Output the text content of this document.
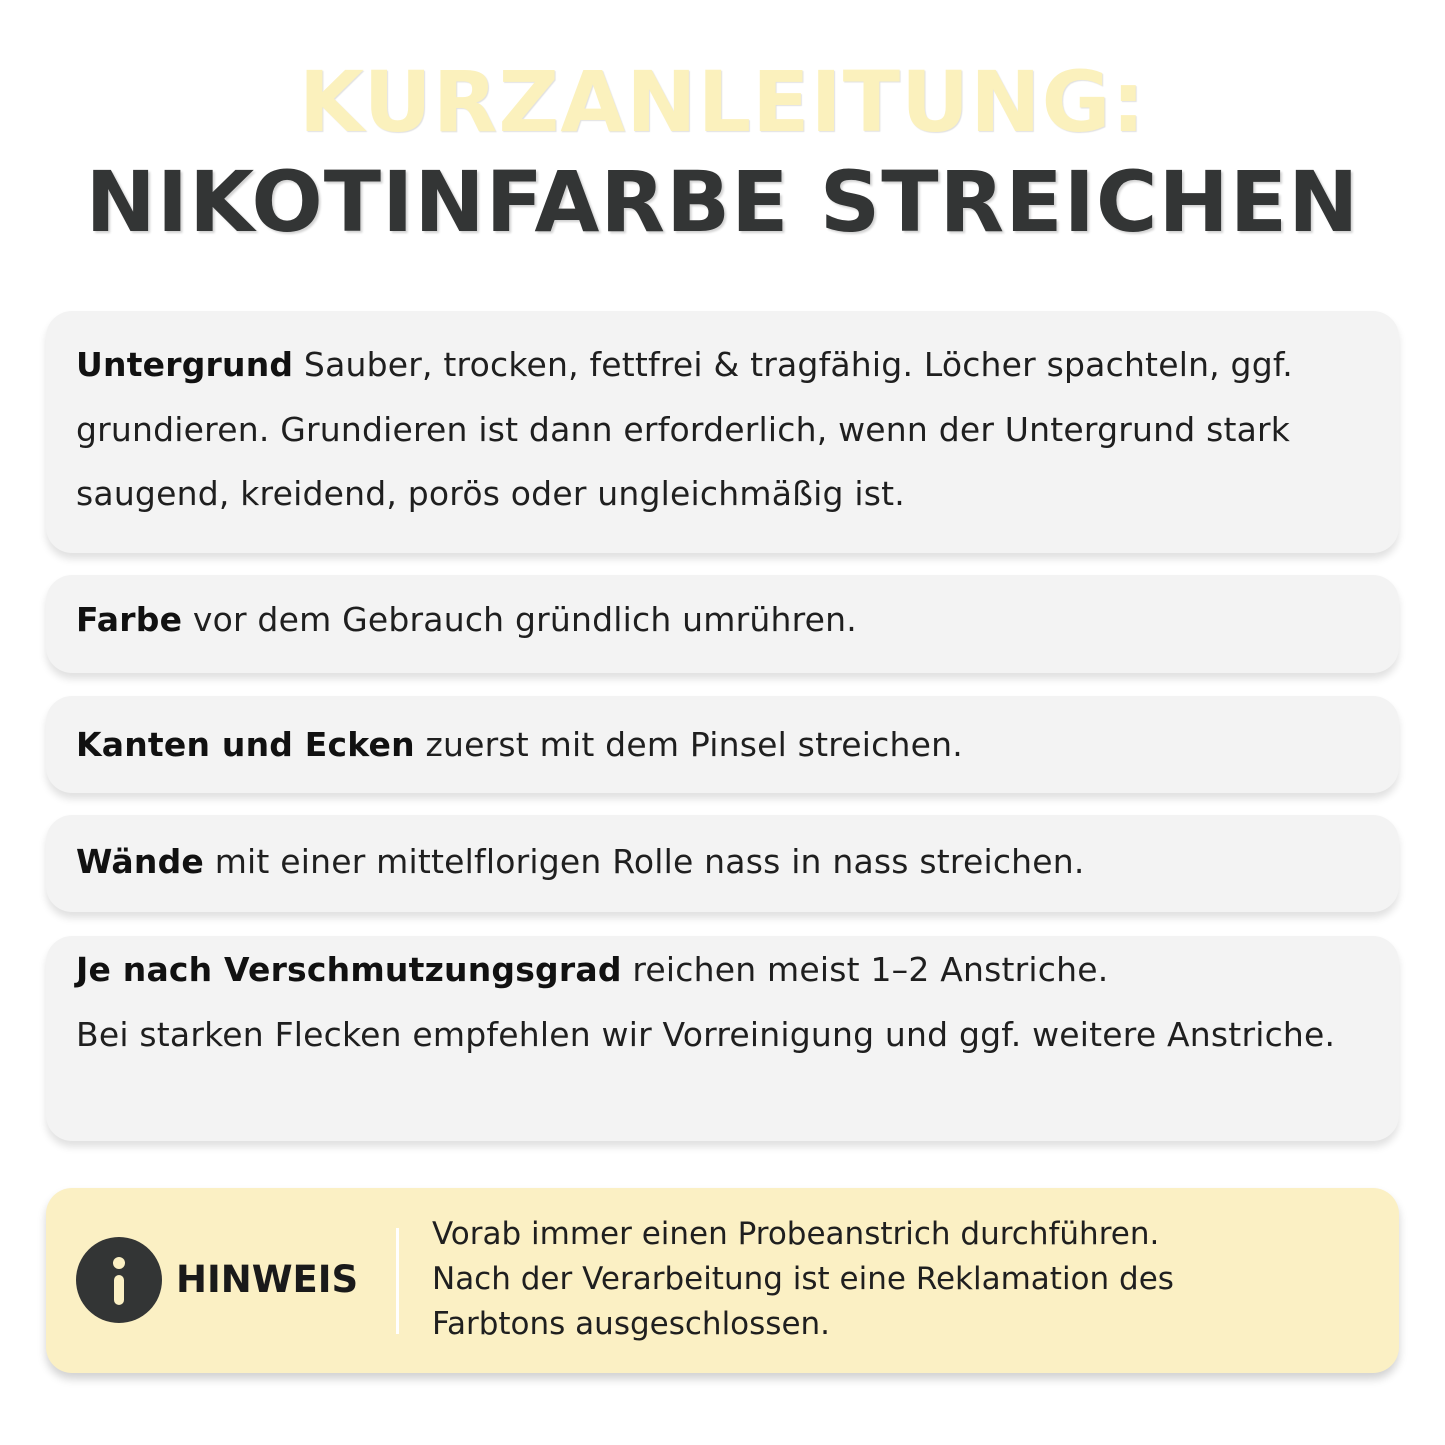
KURZANLEITUNG:
NIKOTINFARBE STREICHEN
Untergrund Sauber, trocken, fettfrei & tragfähig. Löcher spachteln, ggf. grundieren. Grundieren ist dann erforderlich, wenn der Untergrund stark saugend, kreidend, porös oder ungleichmäßig ist.
Farbe vor dem Gebrauch gründlich umrühren.
Kanten und Ecken zuerst mit dem Pinsel streichen.
Wände mit einer mittelflorigen Rolle nass in nass streichen.
Je nach Verschmutzungsgrad reichen meist 1–2 Anstriche.
Bei starken Flecken empfehlen wir Vorreinigung und ggf. weitere Anstriche.
HINWEIS
Vorab immer einen Probeanstrich durchführen.
Nach der Verarbeitung ist eine Reklamation des
Farbtons ausgeschlossen.
